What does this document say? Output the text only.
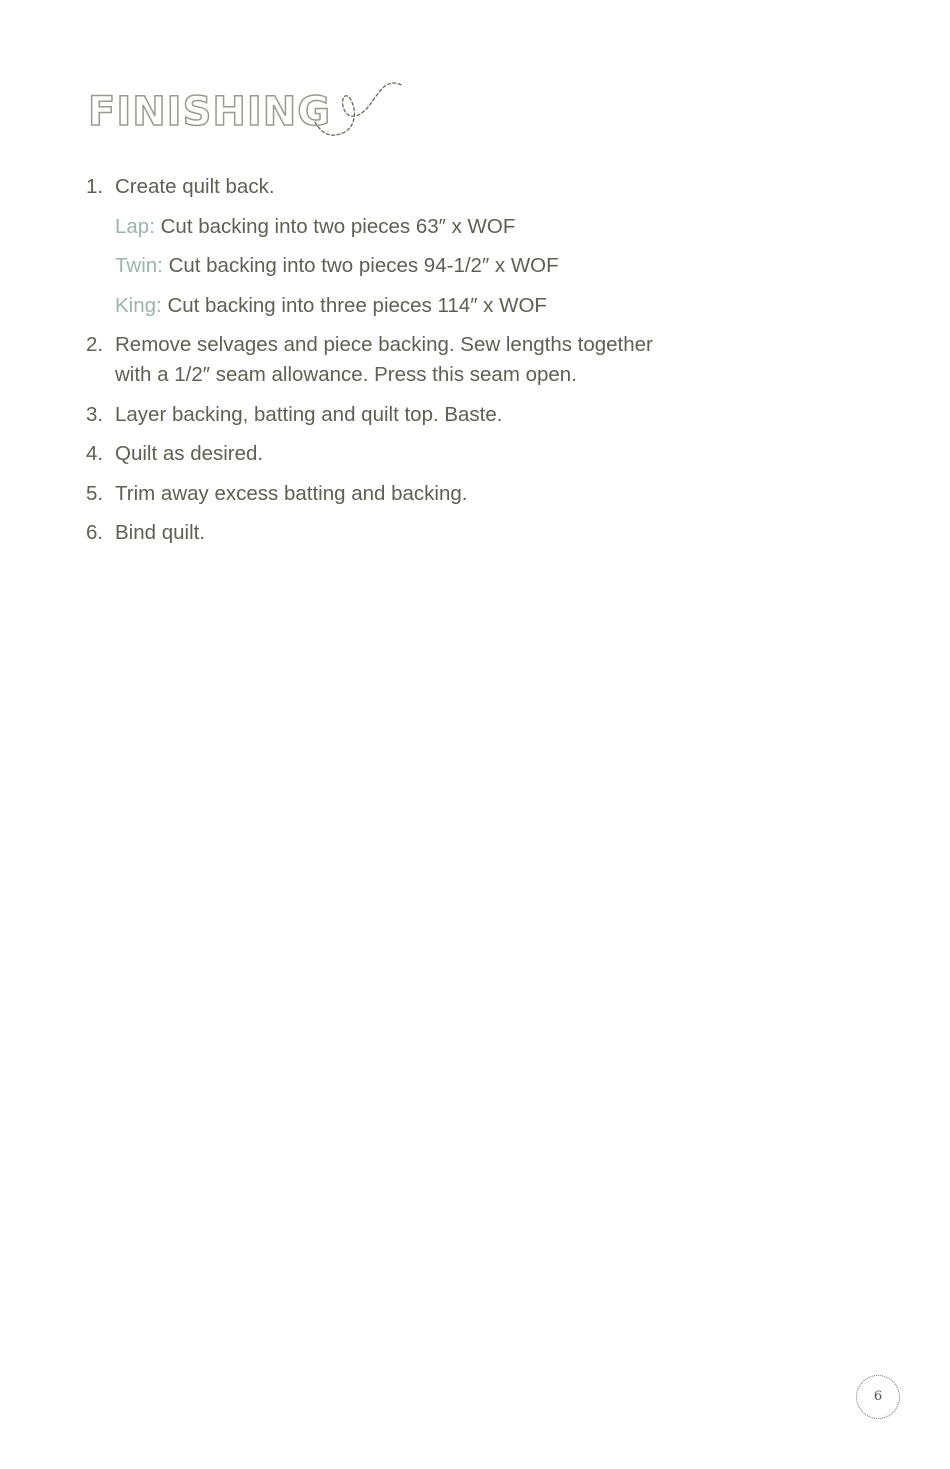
FINISHING
1. Create quilt back.
Lap: Cut backing into two pieces 63″ x WOF
Twin: Cut backing into two pieces 94-1/2″ x WOF
King: Cut backing into three pieces 114″ x WOF
2. Remove selvages and piece backing. Sew lengths together
with a 1/2″ seam allowance. Press this seam open.
3. Layer backing, batting and quilt top. Baste.
4. Quilt as desired.
5. Trim away excess batting and backing.
6. Bind quilt.
6
